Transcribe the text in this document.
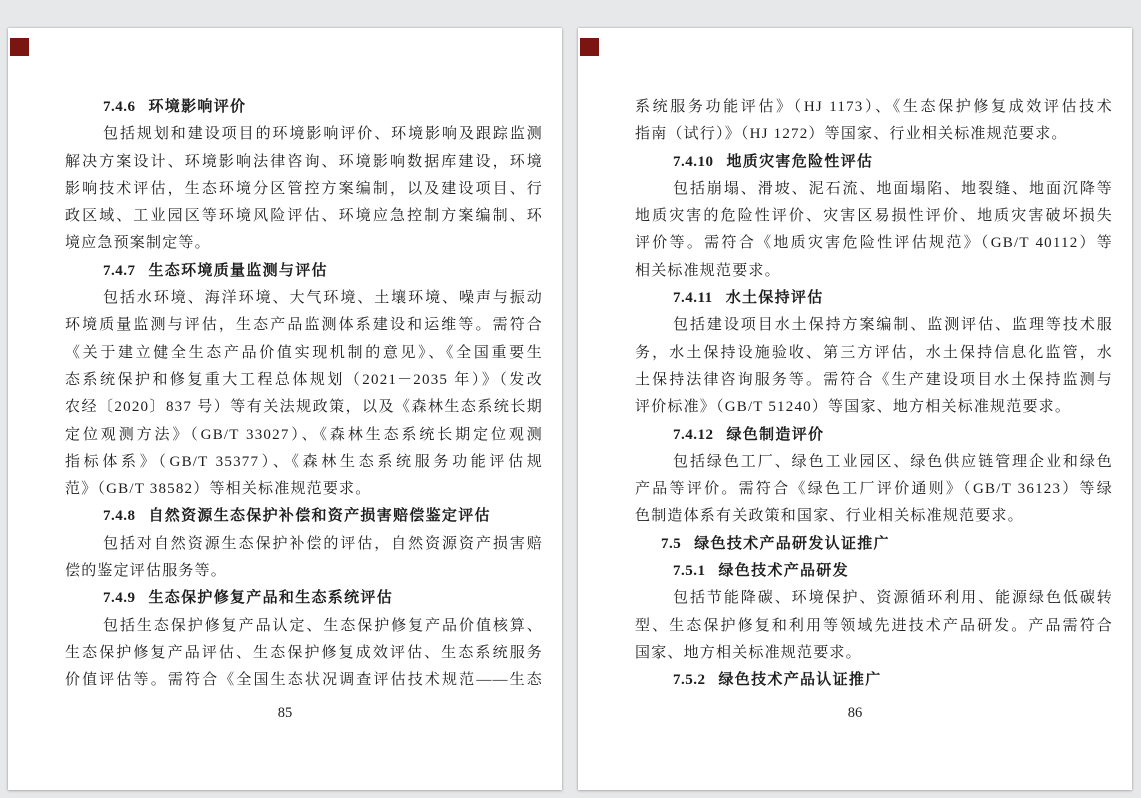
7.4.6 环境影响评价
包括规划和建设项目的环境影响评价、环境影响及跟踪监测
解决方案设计、环境影响法律咨询、环境影响数据库建设，环境
影响技术评估，生态环境分区管控方案编制，以及建设项目、行
政区域、工业园区等环境风险评估、环境应急控制方案编制、环
境应急预案制定等。
7.4.7 生态环境质量监测与评估
包括水环境、海洋环境、大气环境、土壤环境、噪声与振动
环境质量监测与评估，生态产品监测体系建设和运维等。需符合
《关于建立健全生态产品价值实现机制的意见》、《全国重要生
态系统保护和修复重大工程总体规划（2021－2035 年）》（发改
农经〔2020〕837 号）等有关法规政策，以及《森林生态系统长期
定位观测方法》（GB/T 33027）、《森林生态系统长期定位观测
指标体系》（GB/T 35377）、《森林生态系统服务功能评估规
范》（GB/T 38582）等相关标准规范要求。
7.4.8 自然资源生态保护补偿和资产损害赔偿鉴定评估
包括对自然资源生态保护补偿的评估，自然资源资产损害赔
偿的鉴定评估服务等。
7.4.9 生态保护修复产品和生态系统评估
包括生态保护修复产品认定、生态保护修复产品价值核算、
生态保护修复产品评估、生态保护修复成效评估、生态系统服务
价值评估等。需符合《全国生态状况调查评估技术规范——生态
85
系统服务功能评估》（HJ 1173）、《生态保护修复成效评估技术
指南（试行）》（HJ 1272）等国家、行业相关标准规范要求。
7.4.10 地质灾害危险性评估
包括崩塌、滑坡、泥石流、地面塌陷、地裂缝、地面沉降等
地质灾害的危险性评价、灾害区易损性评价、地质灾害破坏损失
评价等。需符合《地质灾害危险性评估规范》（GB/T 40112）等
相关标准规范要求。
7.4.11 水土保持评估
包括建设项目水土保持方案编制、监测评估、监理等技术服
务，水土保持设施验收、第三方评估，水土保持信息化监管，水
土保持法律咨询服务等。需符合《生产建设项目水土保持监测与
评价标准》（GB/T 51240）等国家、地方相关标准规范要求。
7.4.12 绿色制造评价
包括绿色工厂、绿色工业园区、绿色供应链管理企业和绿色
产品等评价。需符合《绿色工厂评价通则》（GB/T 36123）等绿
色制造体系有关政策和国家、行业相关标准规范要求。
7.5 绿色技术产品研发认证推广
7.5.1 绿色技术产品研发
包括节能降碳、环境保护、资源循环利用、能源绿色低碳转
型、生态保护修复和利用等领域先进技术产品研发。产品需符合
国家、地方相关标准规范要求。
7.5.2 绿色技术产品认证推广
86
